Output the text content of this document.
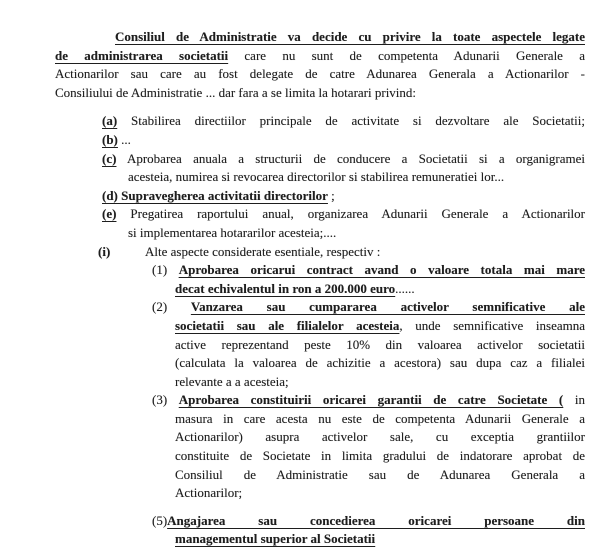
Consiliul de Administratie va decide cu privire la toate aspectele legate
de administrarea societatii care nu sunt de competenta Adunarii Generale a
Actionarilor sau care au fost delegate de catre Adunarea Generala a Actionarilor -
Consiliului de Administratie ... dar fara a se limita la hotarari privind:
(a) Stabilirea directiilor principale de activitate si dezvoltare ale Societatii;
(b) ...
(c) Aprobarea anuala a structurii de conducere a Societatii si a organigramei
acesteia, numirea si revocarea directorilor si stabilirea remuneratiei lor...
(d) Supravegherea activitatii directorilor ;
(e) Pregatirea raportului anual, organizarea Adunarii Generale a Actionarilor
si implementarea hotararilor acesteia;....
(i)	Alte aspecte considerate esentiale, respectiv :
(1) Aprobarea oricarui contract avand o valoare totala mai mare
decat echivalentul in ron a 200.000 euro......
(2) Vanzarea sau cumpararea activelor semnificative ale
societatii sau ale filialelor acesteia, unde semnificative inseamna
active reprezentand peste 10% din valoarea activelor societatii
(calculata la valoarea de achizitie a acestora) sau dupa caz a filialei
relevante a a acesteia;
(3) Aprobarea constituirii oricarei garantii de catre Societate ( in
masura in care acesta nu este de competenta Adunarii Generale a
Actionarilor) asupra activelor sale, cu exceptia grantiilor
constituite de Societate in limita gradului de indatorare aprobat de
Consiliul de Administratie sau de Adunarea Generala a
Actionarilor;
(5)Angajarea sau concedierea oricarei persoane din
managementul superior al Societatii
